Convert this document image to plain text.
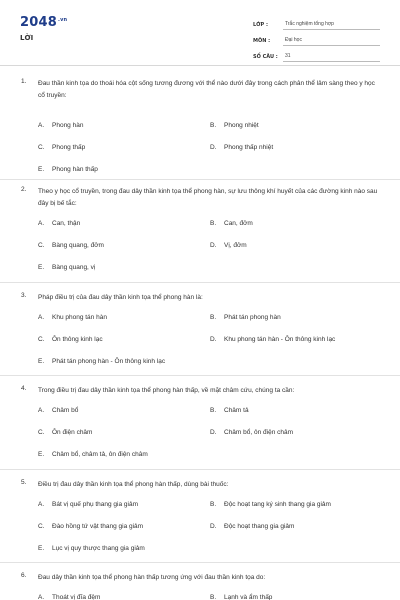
$2048^{.vn}$
LỜI
LỚP :	Trắc nghiệm tổng hợp
MÔN :	Đại học
SỐ CÂU :	31
1. Đau thần kinh tọa do thoái hóa cột sống tương đương với thể nào dưới đây trong cách phân thể lâm sàng theo y học cổ truyền:
A. Phong hàn	B. Phong nhiệt
C. Phong thấp	D. Phong thấp nhiệt
E. Phong hàn thấp
2. Theo y học cổ truyền, trong đau dây thần kinh tọa thể phong hàn, sự lưu thông khí huyết của các đường kinh nào sau đây bị bế tắc:
A. Can, thận	B. Can, đởm
C. Bàng quang, đởm	D. Vị, đởm
E. Bàng quang, vị
3. Pháp điều trị của đau dây thần kinh tọa thể phong hàn là:
A. Khu phong tán hàn	B. Phát tán phong hàn
C. Ôn thông kinh lạc	D. Khu phong tán hàn - Ôn thông kinh lạc
E. Phát tán phong hàn - Ôn thông kinh lạc
4. Trong điều trị đau dây thần kinh tọa thể phong hàn thấp, về mặt châm cứu, chúng ta cần:
A. Châm bổ	B. Châm tả
C. Ôn điện châm	D. Châm bổ, ôn điện châm
E. Châm bổ, châm tả, ôn điện châm
5. Điều trị đau dây thần kinh tọa thể phong hàn thấp, dùng bài thuốc:
A. Bát vị quế phụ thang gia giảm	B. Độc hoạt tang ký sinh thang gia giảm
C. Đào hồng tứ vật thang gia giảm	D. Độc hoạt thang gia giảm
E. Lục vị quy thược thang gia giảm
6. Đau dây thần kinh tọa thể phong hàn thấp tương ứng với đau thần kinh tọa do:
A. Thoát vị đĩa đệm	B. Lạnh và ẩm thấp
